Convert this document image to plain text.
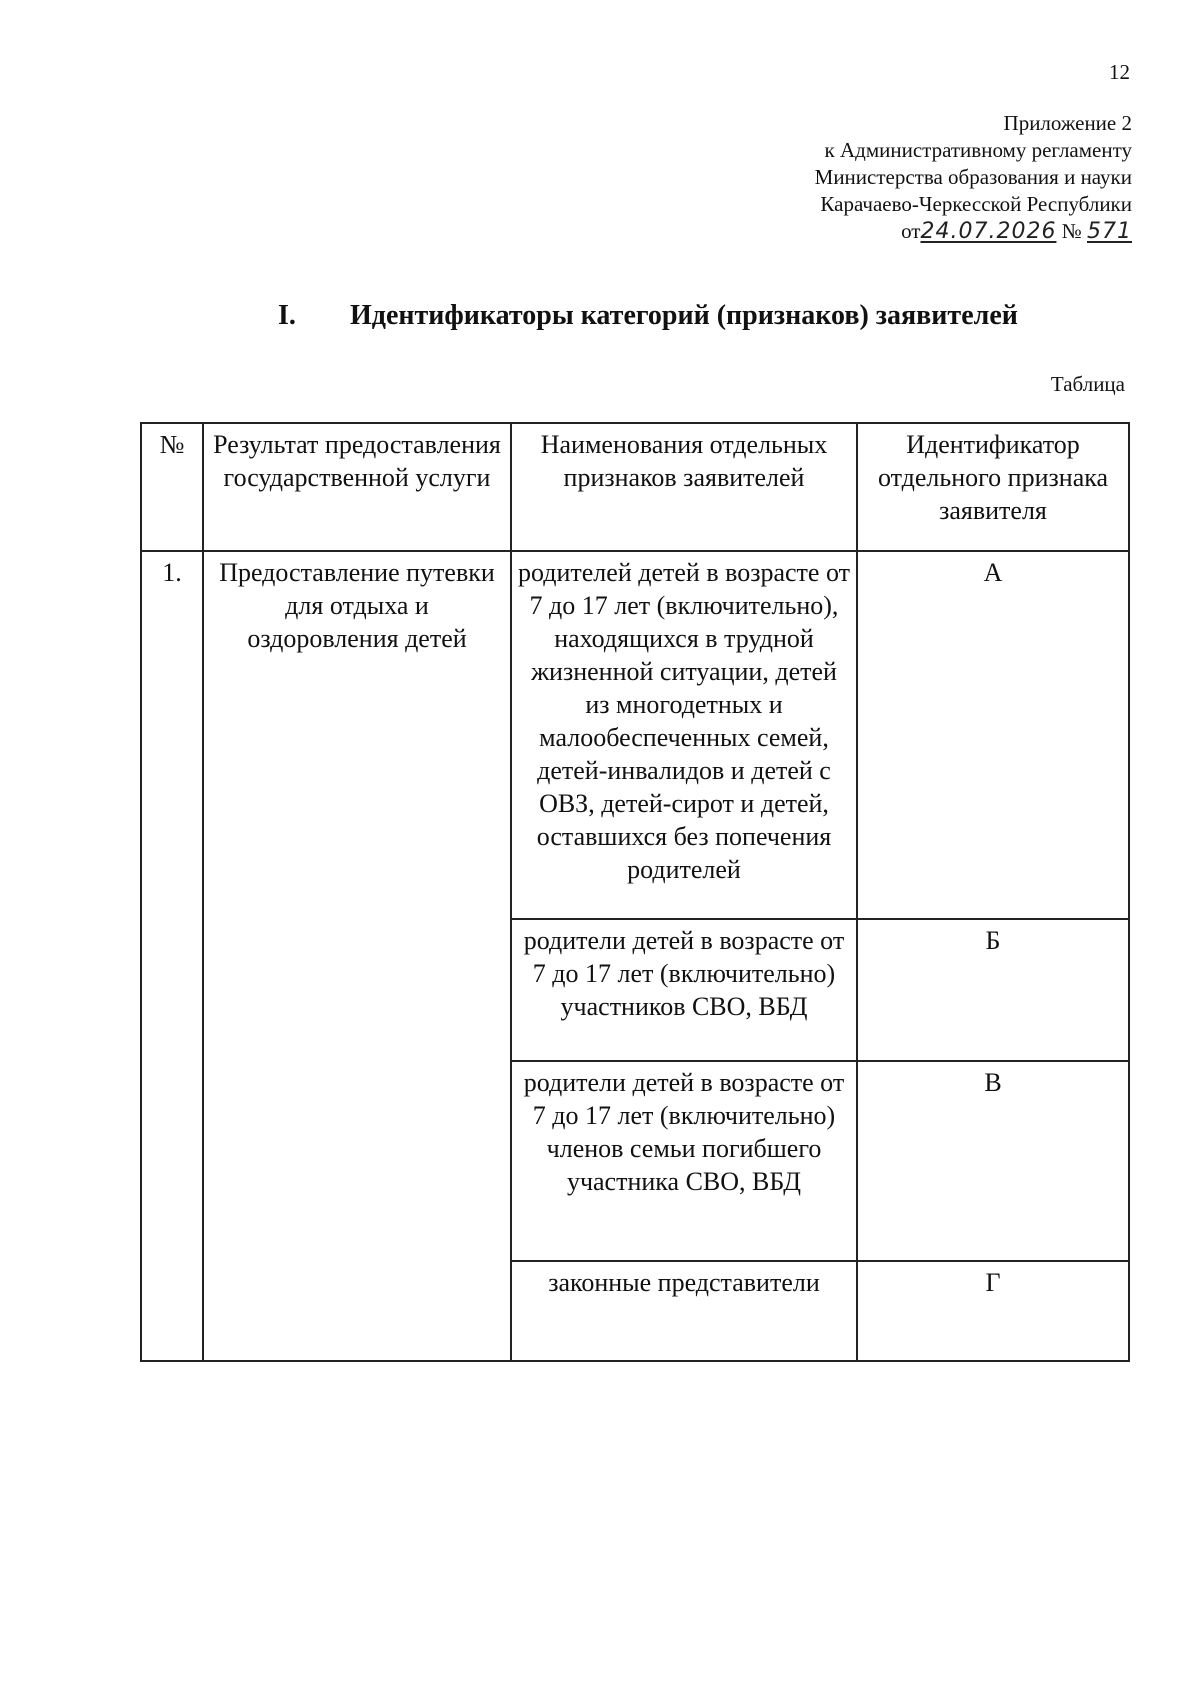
12
Приложение 2
к Административному регламенту
Министерства образования и науки
Карачаево-Черкесской Республики
от24.07.2026 № 571
I. Идентификаторы категорий (признаков) заявителей
Таблица
№	Результат предоставления государственной услуги	Наименования отдельных признаков заявителей	Идентификатор отдельного признака заявителя
1.	Предоставление путевки для отдыха и оздоровления детей	родителей детей в возрасте от 7 до 17 лет (включительно), находящихся в трудной жизненной ситуации, детей из многодетных и малообеспеченных семей, детей-инвалидов и детей с ОВЗ, детей-сирот и детей, оставшихся без попечения родителей	А
		родители детей в возрасте от 7 до 17 лет (включительно) участников СВО, ВБД	Б
		родители детей в возрасте от 7 до 17 лет (включительно) членов семьи погибшего участника СВО, ВБД	В
		законные представители	Г
